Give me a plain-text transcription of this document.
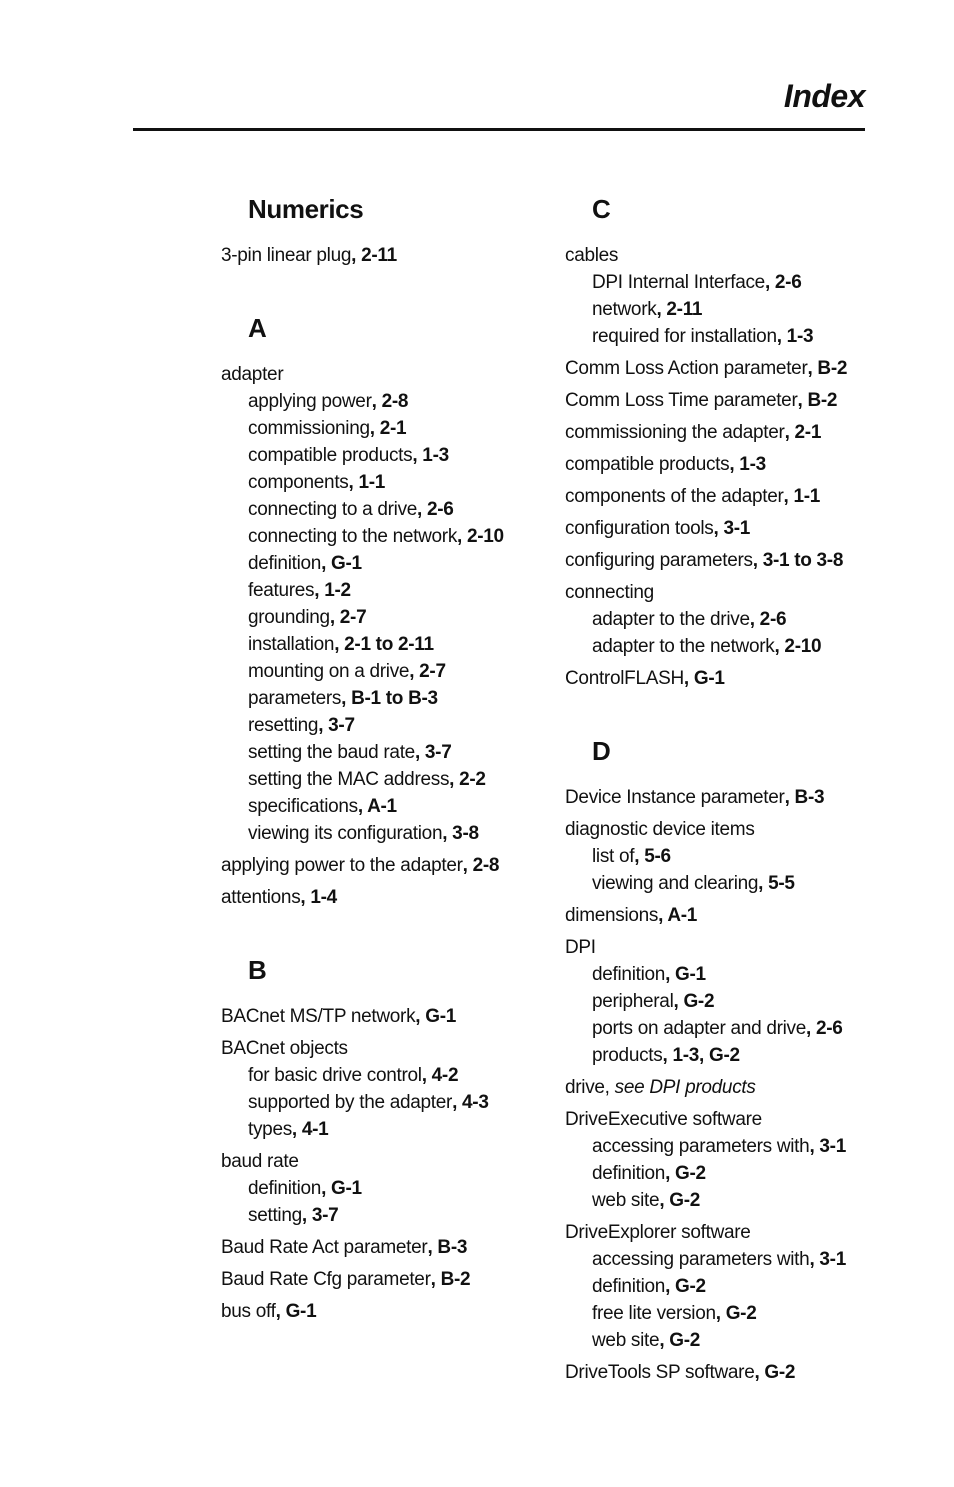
Index
Numerics
3-pin linear plug, 2-11
A
adapter
applying power, 2-8
commissioning, 2-1
compatible products, 1-3
components, 1-1
connecting to a drive, 2-6
connecting to the network, 2-10
definition, G-1
features, 1-2
grounding, 2-7
installation, 2-1 to 2-11
mounting on a drive, 2-7
parameters, B-1 to B-3
resetting, 3-7
setting the baud rate, 3-7
setting the MAC address, 2-2
specifications, A-1
viewing its configuration, 3-8
applying power to the adapter, 2-8
attentions, 1-4
B
BACnet MS/TP network, G-1
BACnet objects
for basic drive control, 4-2
supported by the adapter, 4-3
types, 4-1
baud rate
definition, G-1
setting, 3-7
Baud Rate Act parameter, B-3
Baud Rate Cfg parameter, B-2
bus off, G-1
C
cables
DPI Internal Interface, 2-6
network, 2-11
required for installation, 1-3
Comm Loss Action parameter, B-2
Comm Loss Time parameter, B-2
commissioning the adapter, 2-1
compatible products, 1-3
components of the adapter, 1-1
configuration tools, 3-1
configuring parameters, 3-1 to 3-8
connecting
adapter to the drive, 2-6
adapter to the network, 2-10
ControlFLASH, G-1
D
Device Instance parameter, B-3
diagnostic device items
list of, 5-6
viewing and clearing, 5-5
dimensions, A-1
DPI
definition, G-1
peripheral, G-2
ports on adapter and drive, 2-6
products, 1-3, G-2
drive, see DPI products
DriveExecutive software
accessing parameters with, 3-1
definition, G-2
web site, G-2
DriveExplorer software
accessing parameters with, 3-1
definition, G-2
free lite version, G-2
web site, G-2
DriveTools SP software, G-2
